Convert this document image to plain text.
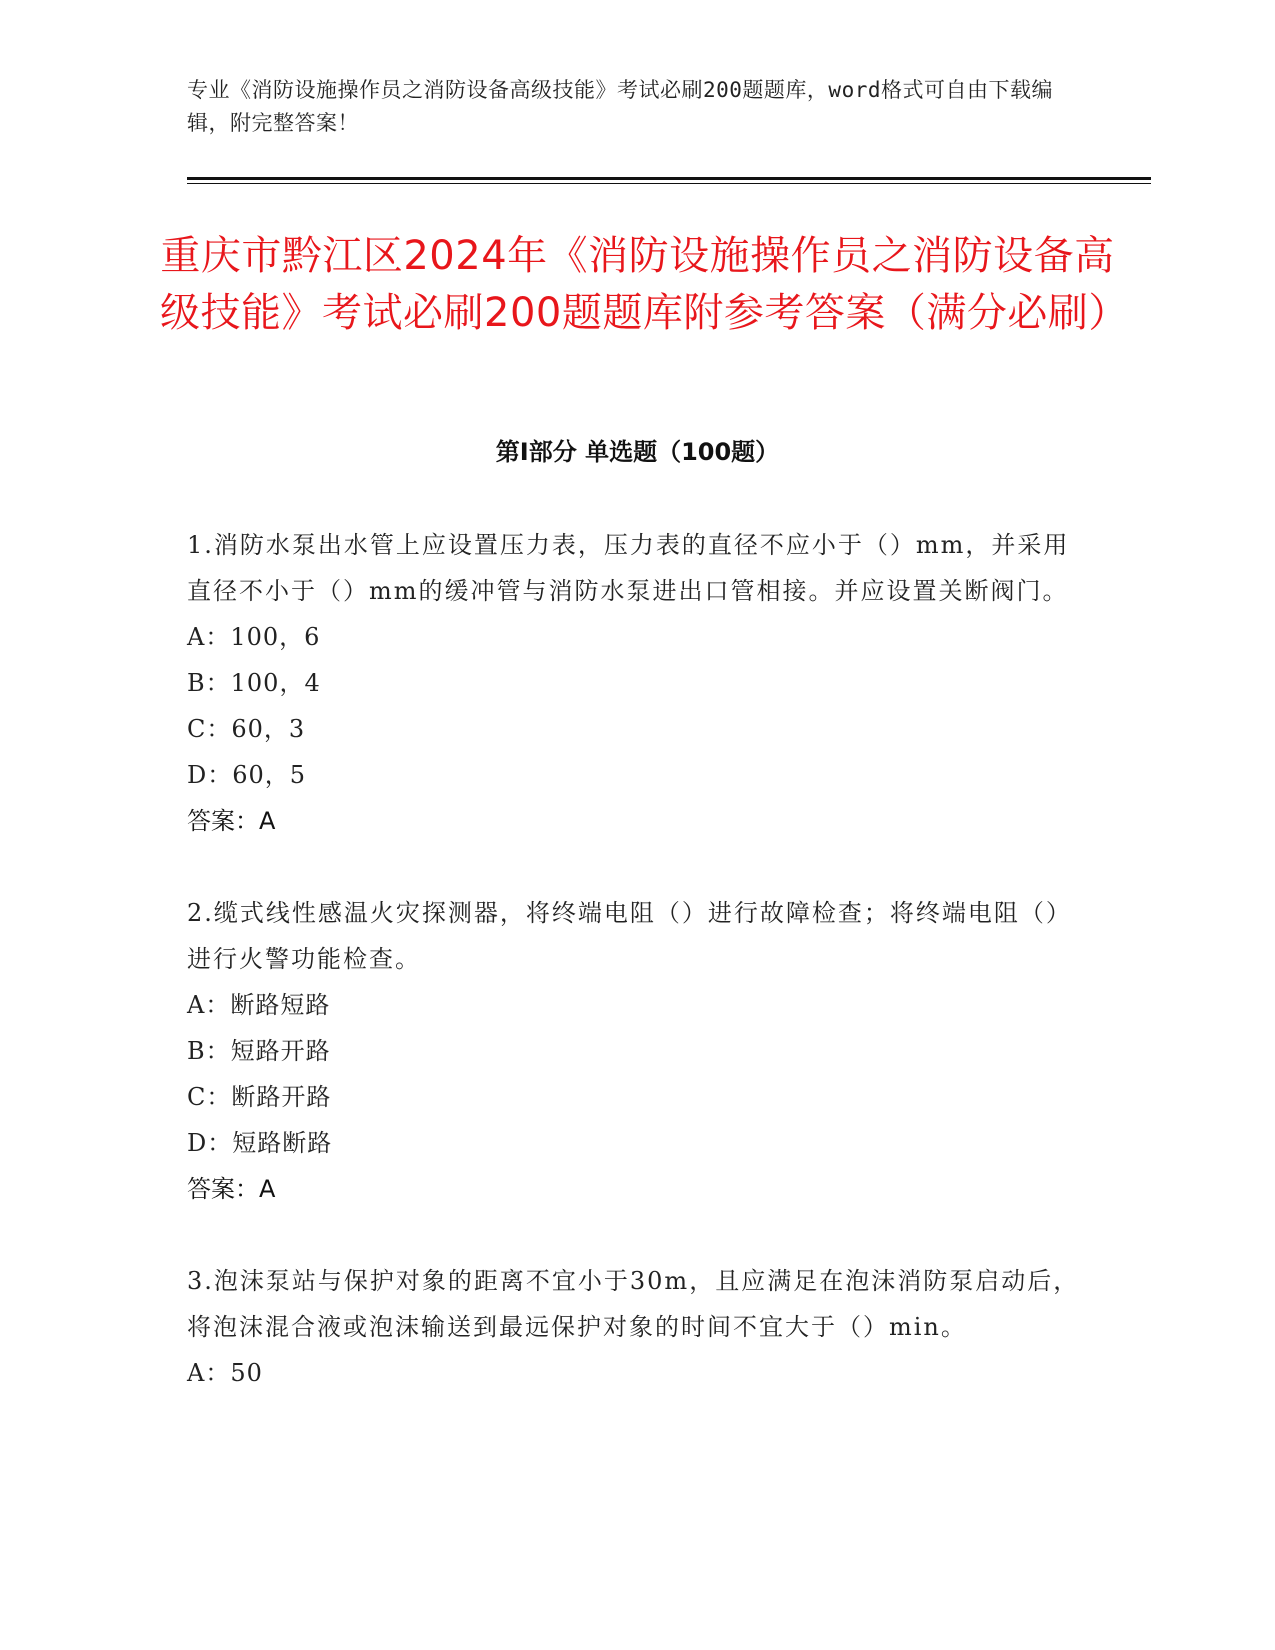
专业《消防设施操作员之消防设备高级技能》考试必刷200题题库，word格式可自由下载编辑，附完整答案！
重庆市黔江区2024年《消防设施操作员之消防设备高级技能》考试必刷200题题库附参考答案（满分必刷）
第Ⅰ部分 单选题（100题）
1.消防水泵出水管上应设置压力表，压力表的直径不应小于（）mm，并采用直径不小于（）mm的缓冲管与消防水泵进出口管相接。并应设置关断阀门。
A：100，6
B：100，4
C：60，3
D：60，5
答案：A
2.缆式线性感温火灾探测器，将终端电阻（）进行故障检查；将终端电阻（）进行火警功能检查。
A：断路短路
B：短路开路
C：断路开路
D：短路断路
答案：A
3.泡沫泵站与保护对象的距离不宜小于30m，且应满足在泡沫消防泵启动后，将泡沫混合液或泡沫输送到最远保护对象的时间不宜大于（）min。
A：50
